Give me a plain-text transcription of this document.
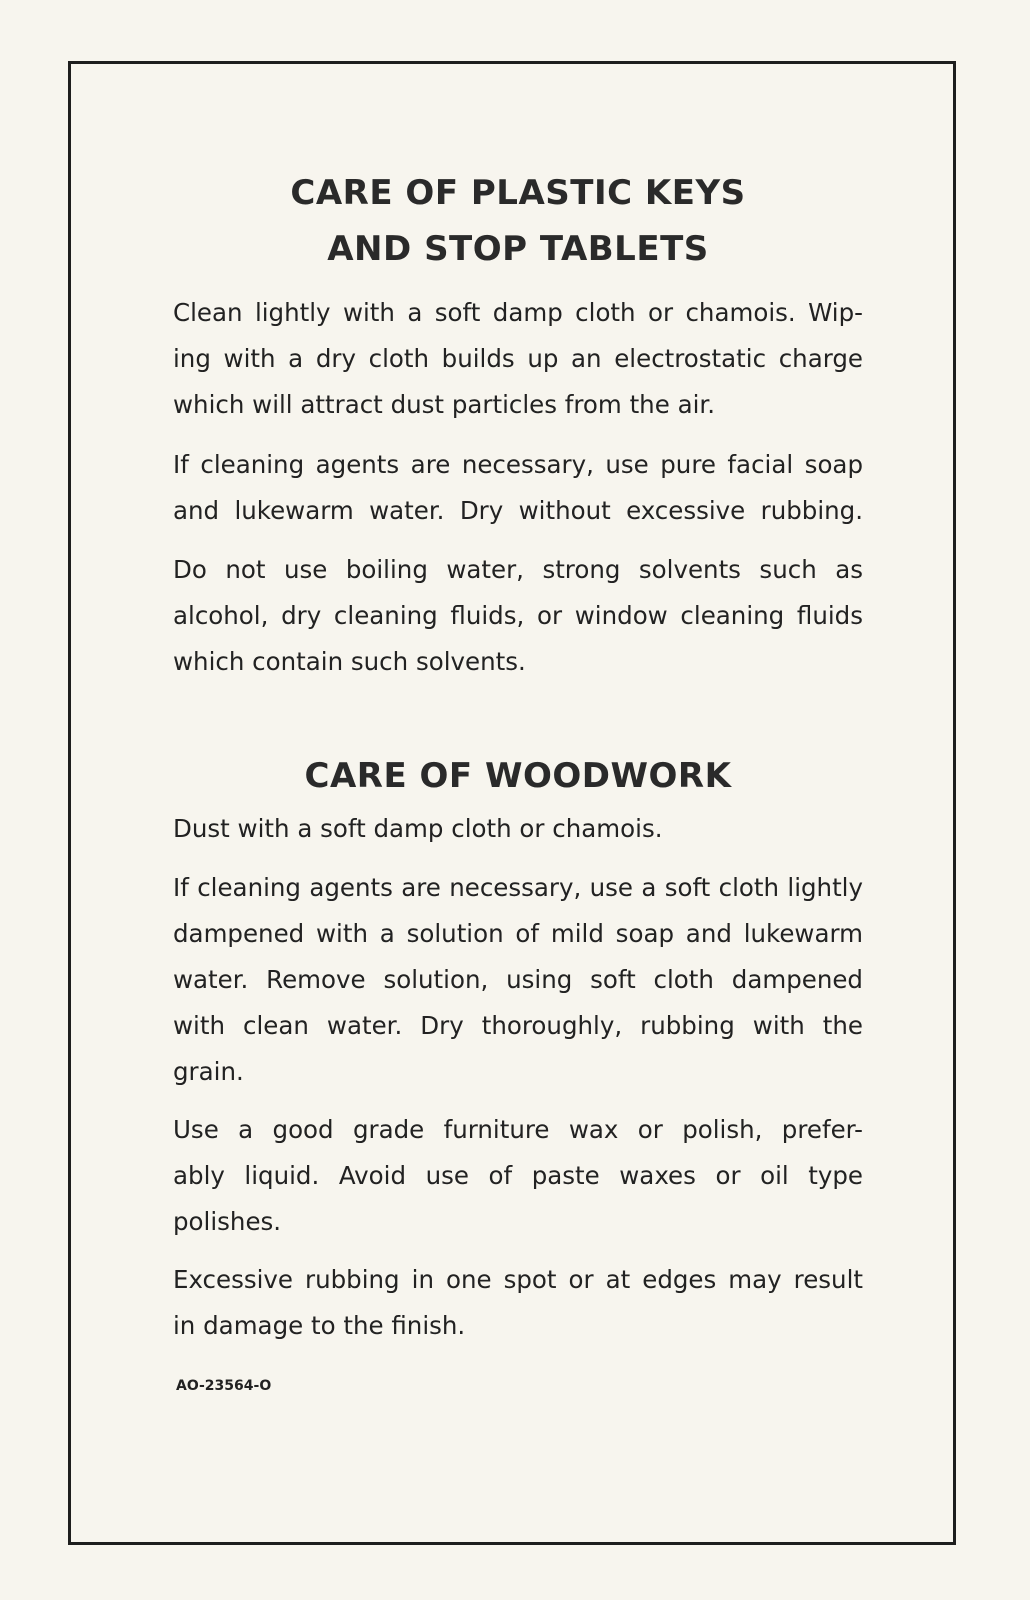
CARE OF PLASTIC KEYS
AND STOP TABLETS

Clean lightly with a soft damp cloth or chamois. Wip-
ing with a dry cloth builds up an electrostatic charge
which will attract dust particles from the air.

If cleaning agents are necessary, use pure facial soap
and lukewarm water. Dry without excessive rubbing.

Do not use boiling water, strong solvents such as
alcohol, dry cleaning fluids, or window cleaning fluids
which contain such solvents.

CARE OF WOODWORK

Dust with a soft damp cloth or chamois.

If cleaning agents are necessary, use a soft cloth lightly
dampened with a solution of mild soap and lukewarm
water. Remove solution, using soft cloth dampened
with clean water. Dry thoroughly, rubbing with the
grain.

Use a good grade furniture wax or polish, prefer-
ably liquid. Avoid use of paste waxes or oil type
polishes.

Excessive rubbing in one spot or at edges may result
in damage to the finish.

AO-23564-O
